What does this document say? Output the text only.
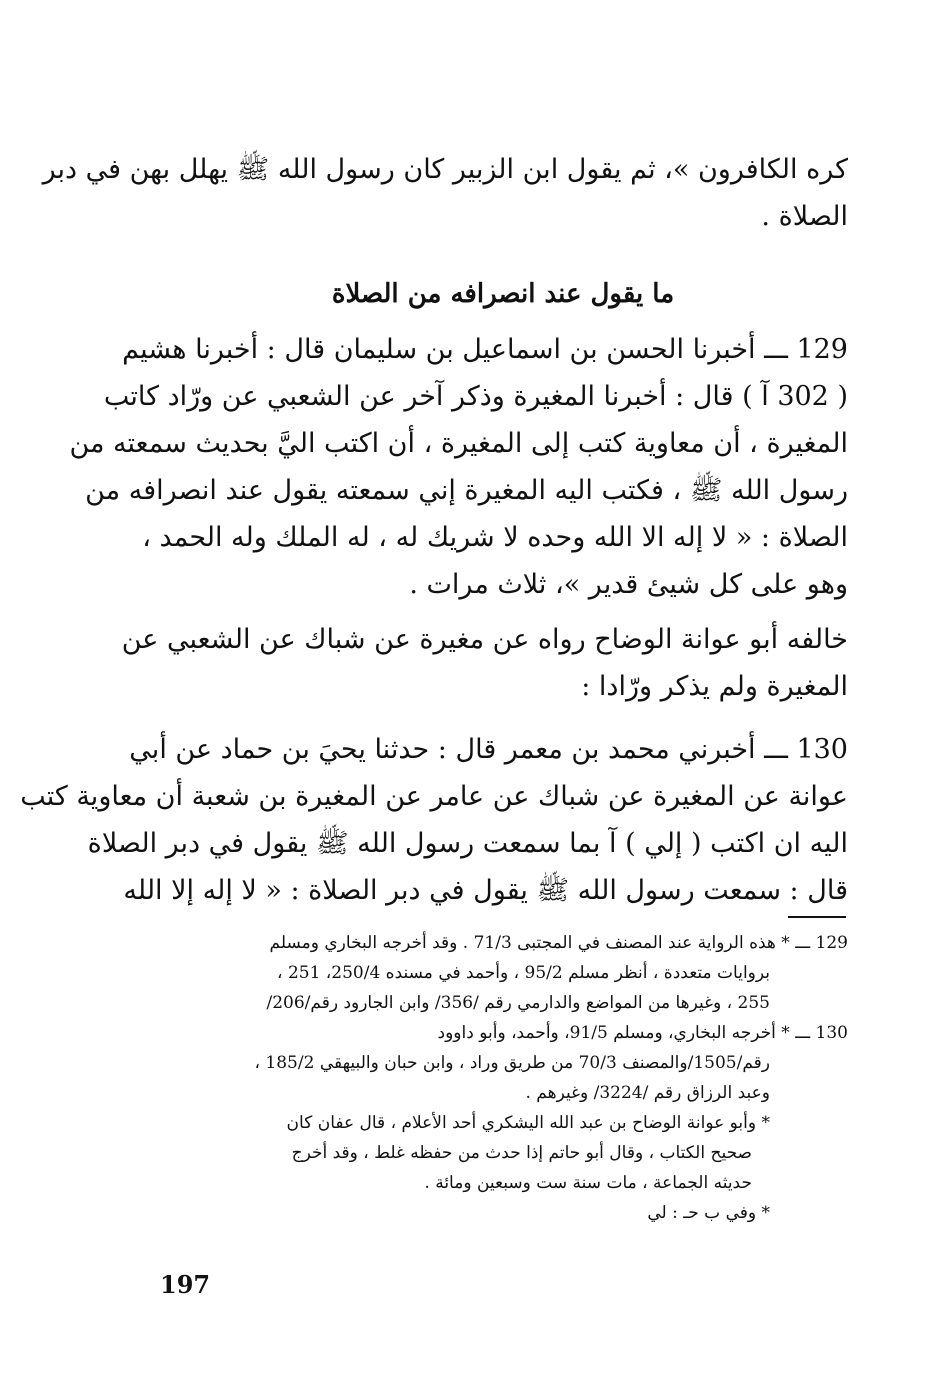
كره الكافرون »، ثم يقول ابن الزبير كان رسول الله ﷺ يهلل بهن في دبر
الصلاة .
ما يقول عند انصرافه من الصلاة
129 ـــ أخبرنا الحسن بن اسماعيل بن سليمان قال : أخبرنا هشيم
( 302 آ ) قال : أخبرنا المغيرة وذكر آخر عن الشعبي عن ورّاد كاتب
المغيرة ، أن معاوية كتب إلى المغيرة ، أن اكتب اليَّ بحديث سمعته من
رسول الله ﷺ ، فكتب اليه المغيرة إني سمعته يقول عند انصرافه من
الصلاة : « لا إله الا الله وحده لا شريك له ، له الملك وله الحمد ،
وهو على كل شيئ قدير »، ثلاث مرات .
خالفه أبو عوانة الوضاح رواه عن مغيرة عن شباك عن الشعبي عن
المغيرة ولم يذكر ورّادا :
130 ـــ أخبرني محمد بن معمر قال : حدثنا يحيَ بن حماد عن أبي
عوانة عن المغيرة عن شباك عن عامر عن المغيرة بن شعبة أن معاوية كتب
اليه ان اكتب ( إلي ) آ بما سمعت رسول الله ﷺ يقول في دبر الصلاة
قال : سمعت رسول الله ﷺ يقول في دبر الصلاة : « لا إله إلا الله
129 ـــ * هذه الرواية عند المصنف في المجتبى 71/3 . وقد أخرجه البخاري ومسلم
بروايات متعددة ، أنظر مسلم 95/2 ، وأحمد في مسنده 250/4، 251 ،
255 ، وغيرها من المواضع والدارمي رقم /356/ وابن الجارود رقم/206/
130 ـــ * أخرجه البخاري، ومسلم 91/5، وأحمد، وأبو داوود
رقم/1505/والمصنف 70/3 من طريق وراد ، وابن حبان والبيهقي 185/2 ،
وعبد الرزاق رقم /3224/ وغيرهم .
* وأبو عوانة الوضاح بن عبد الله اليشكري أحد الأعلام ، قال عفان كان
صحيح الكتاب ، وقال أبو حاتم إذا حدث من حفظه غلط ، وقد أخرج
حديثه الجماعة ، مات سنة ست وسبعين ومائة .
* وفي ب حـ : لي
197
